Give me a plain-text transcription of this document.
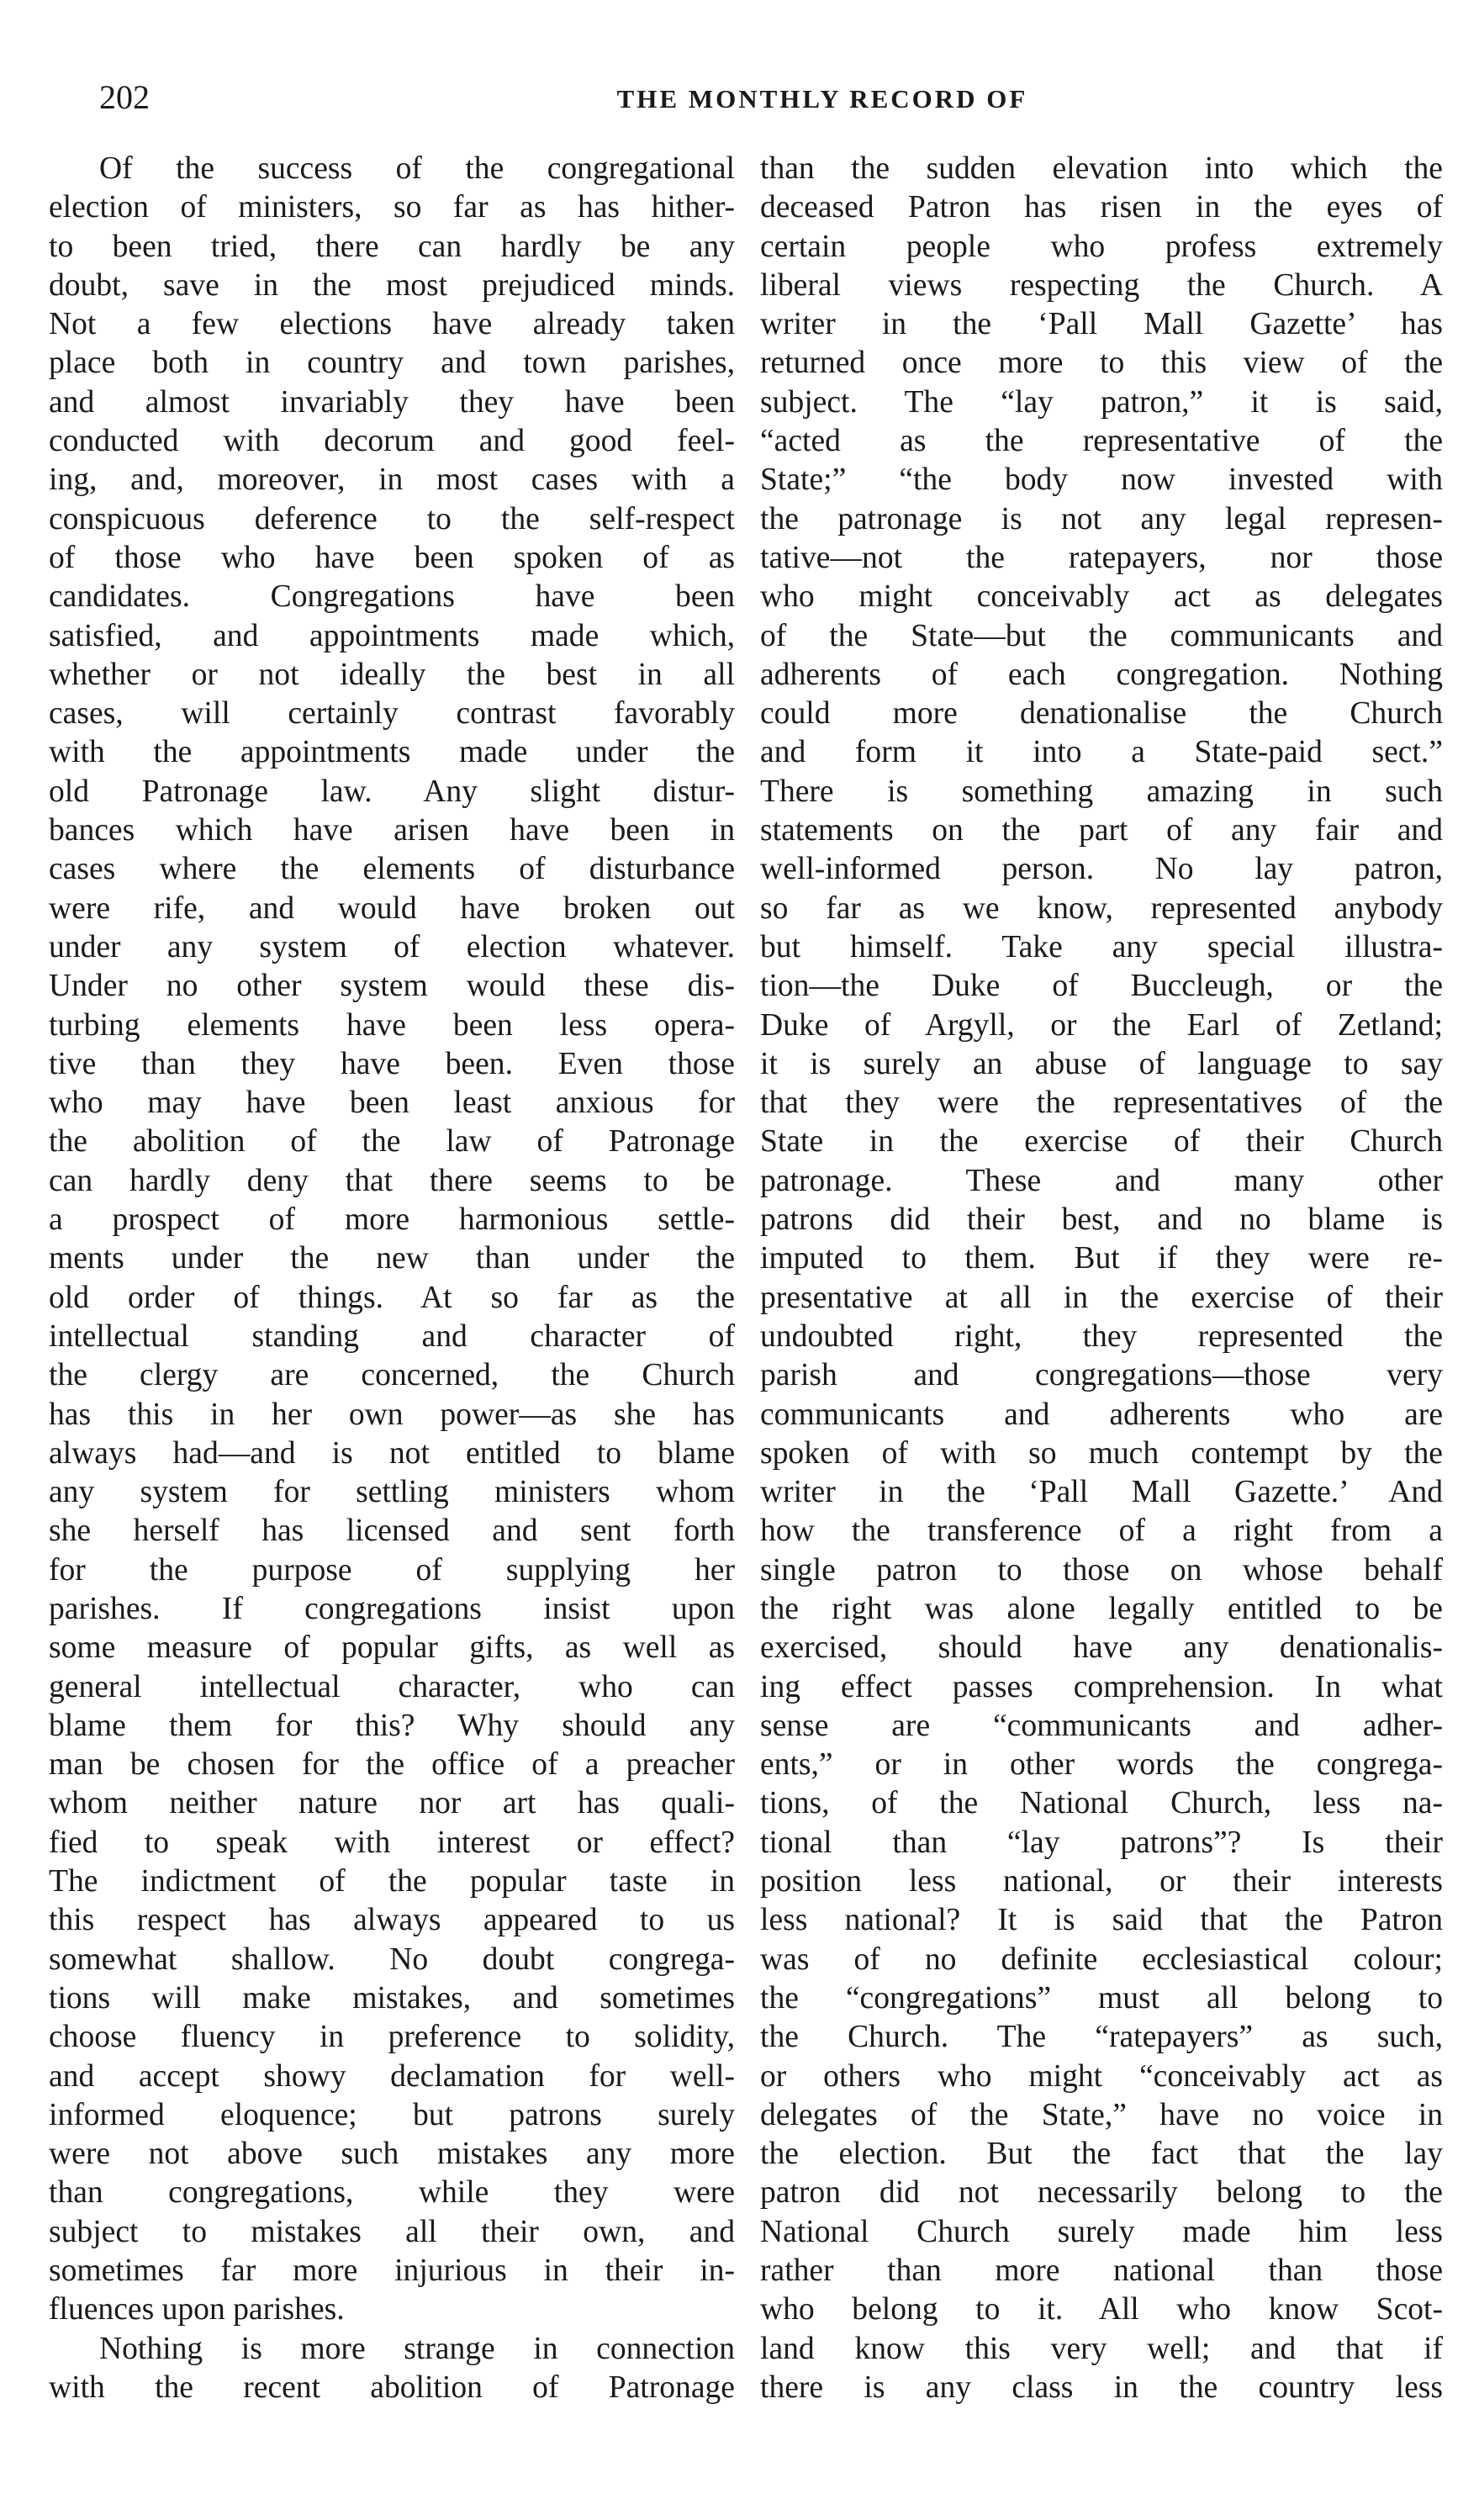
202	THE MONTHLY RECORD OF
Of the success of the congregational
election of ministers, so far as has hither-
to been tried, there can hardly be any
doubt, save in the most prejudiced minds.
Not a few elections have already taken
place both in country and town parishes,
and almost invariably they have been
conducted with decorum and good feel-
ing, and, moreover, in most cases with a
conspicuous deference to the self-respect
of those who have been spoken of as
candidates. Congregations have been
satisfied, and appointments made which,
whether or not ideally the best in all
cases, will certainly contrast favorably
with the appointments made under the
old Patronage law. Any slight distur-
bances which have arisen have been in
cases where the elements of disturbance
were rife, and would have broken out
under any system of election whatever.
Under no other system would these dis-
turbing elements have been less opera-
tive than they have been. Even those
who may have been least anxious for
the abolition of the law of Patronage
can hardly deny that there seems to be
a prospect of more harmonious settle-
ments under the new than under the
old order of things. At so far as the
intellectual standing and character of
the clergy are concerned, the Church
has this in her own power—as she has
always had—and is not entitled to blame
any system for settling ministers whom
she herself has licensed and sent forth
for the purpose of supplying her
parishes. If congregations insist upon
some measure of popular gifts, as well as
general intellectual character, who can
blame them for this? Why should any
man be chosen for the office of a preacher
whom neither nature nor art has quali-
fied to speak with interest or effect?
The indictment of the popular taste in
this respect has always appeared to us
somewhat shallow. No doubt congrega-
tions will make mistakes, and sometimes
choose fluency in preference to solidity,
and accept showy declamation for well-
informed eloquence; but patrons surely
were not above such mistakes any more
than congregations, while they were
subject to mistakes all their own, and
sometimes far more injurious in their in-
fluences upon parishes.
Nothing is more strange in connection
with the recent abolition of Patronage
than the sudden elevation into which the
deceased Patron has risen in the eyes of
certain people who profess extremely
liberal views respecting the Church. A
writer in the ‘Pall Mall Gazette’ has
returned once more to this view of the
subject. The “lay patron,” it is said,
“acted as the representative of the
State;” “the body now invested with
the patronage is not any legal represen-
tative—not the ratepayers, nor those
who might conceivably act as delegates
of the State—but the communicants and
adherents of each congregation. Nothing
could more denationalise the Church
and form it into a State-paid sect.”
There is something amazing in such
statements on the part of any fair and
well-informed person. No lay patron,
so far as we know, represented anybody
but himself. Take any special illustra-
tion—the Duke of Buccleugh, or the
Duke of Argyll, or the Earl of Zetland;
it is surely an abuse of language to say
that they were the representatives of the
State in the exercise of their Church
patronage. These and many other
patrons did their best, and no blame is
imputed to them. But if they were re-
presentative at all in the exercise of their
undoubted right, they represented the
parish and congregations—those very
communicants and adherents who are
spoken of with so much contempt by the
writer in the ‘Pall Mall Gazette.’ And
how the transference of a right from a
single patron to those on whose behalf
the right was alone legally entitled to be
exercised, should have any denationalis-
ing effect passes comprehension. In what
sense are “communicants and adher-
ents,” or in other words the congrega-
tions, of the National Church, less na-
tional than “lay patrons”? Is their
position less national, or their interests
less national? It is said that the Patron
was of no definite ecclesiastical colour;
the “congregations” must all belong to
the Church. The “ratepayers” as such,
or others who might “conceivably act as
delegates of the State,” have no voice in
the election. But the fact that the lay
patron did not necessarily belong to the
National Church surely made him less
rather than more national than those
who belong to it. All who know Scot-
land know this very well; and that if
there is any class in the country less
